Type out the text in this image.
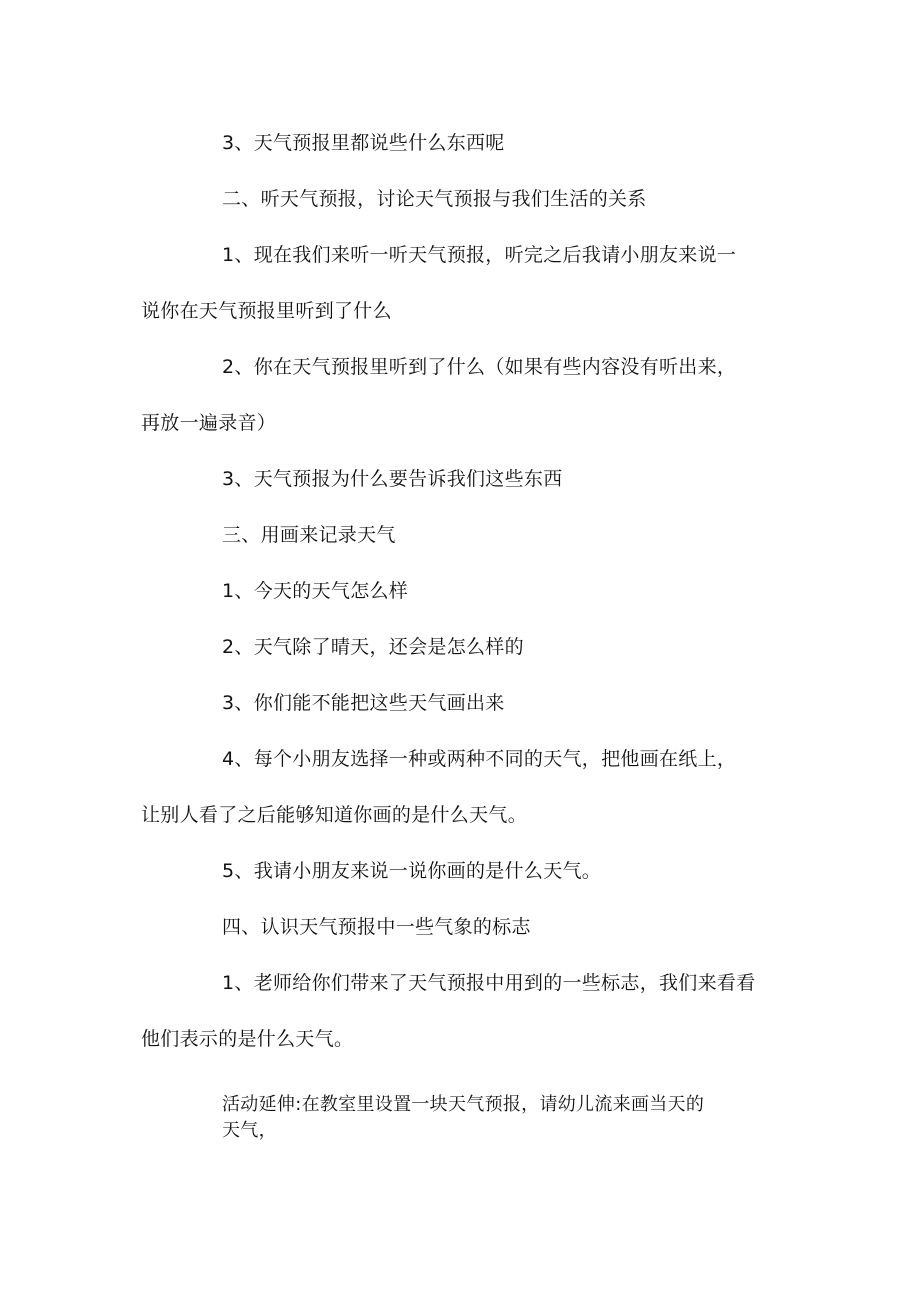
3、天气预报里都说些什么东西呢
二、听天气预报，讨论天气预报与我们生活的关系
1、现在我们来听一听天气预报，听完之后我请小朋友来说一
说你在天气预报里听到了什么
2、你在天气预报里听到了什么（如果有些内容没有听出来，
再放一遍录音）
3、天气预报为什么要告诉我们这些东西
三、用画来记录天气
1、今天的天气怎么样
2、天气除了晴天，还会是怎么样的
3、你们能不能把这些天气画出来
4、每个小朋友选择一种或两种不同的天气，把他画在纸上，
让别人看了之后能够知道你画的是什么天气。
5、我请小朋友来说一说你画的是什么天气。
四、认识天气预报中一些气象的标志
1、老师给你们带来了天气预报中用到的一些标志，我们来看看
他们表示的是什么天气。
活动延伸:在教室里设置一块天气预报，请幼儿流来画当天的
天气，
